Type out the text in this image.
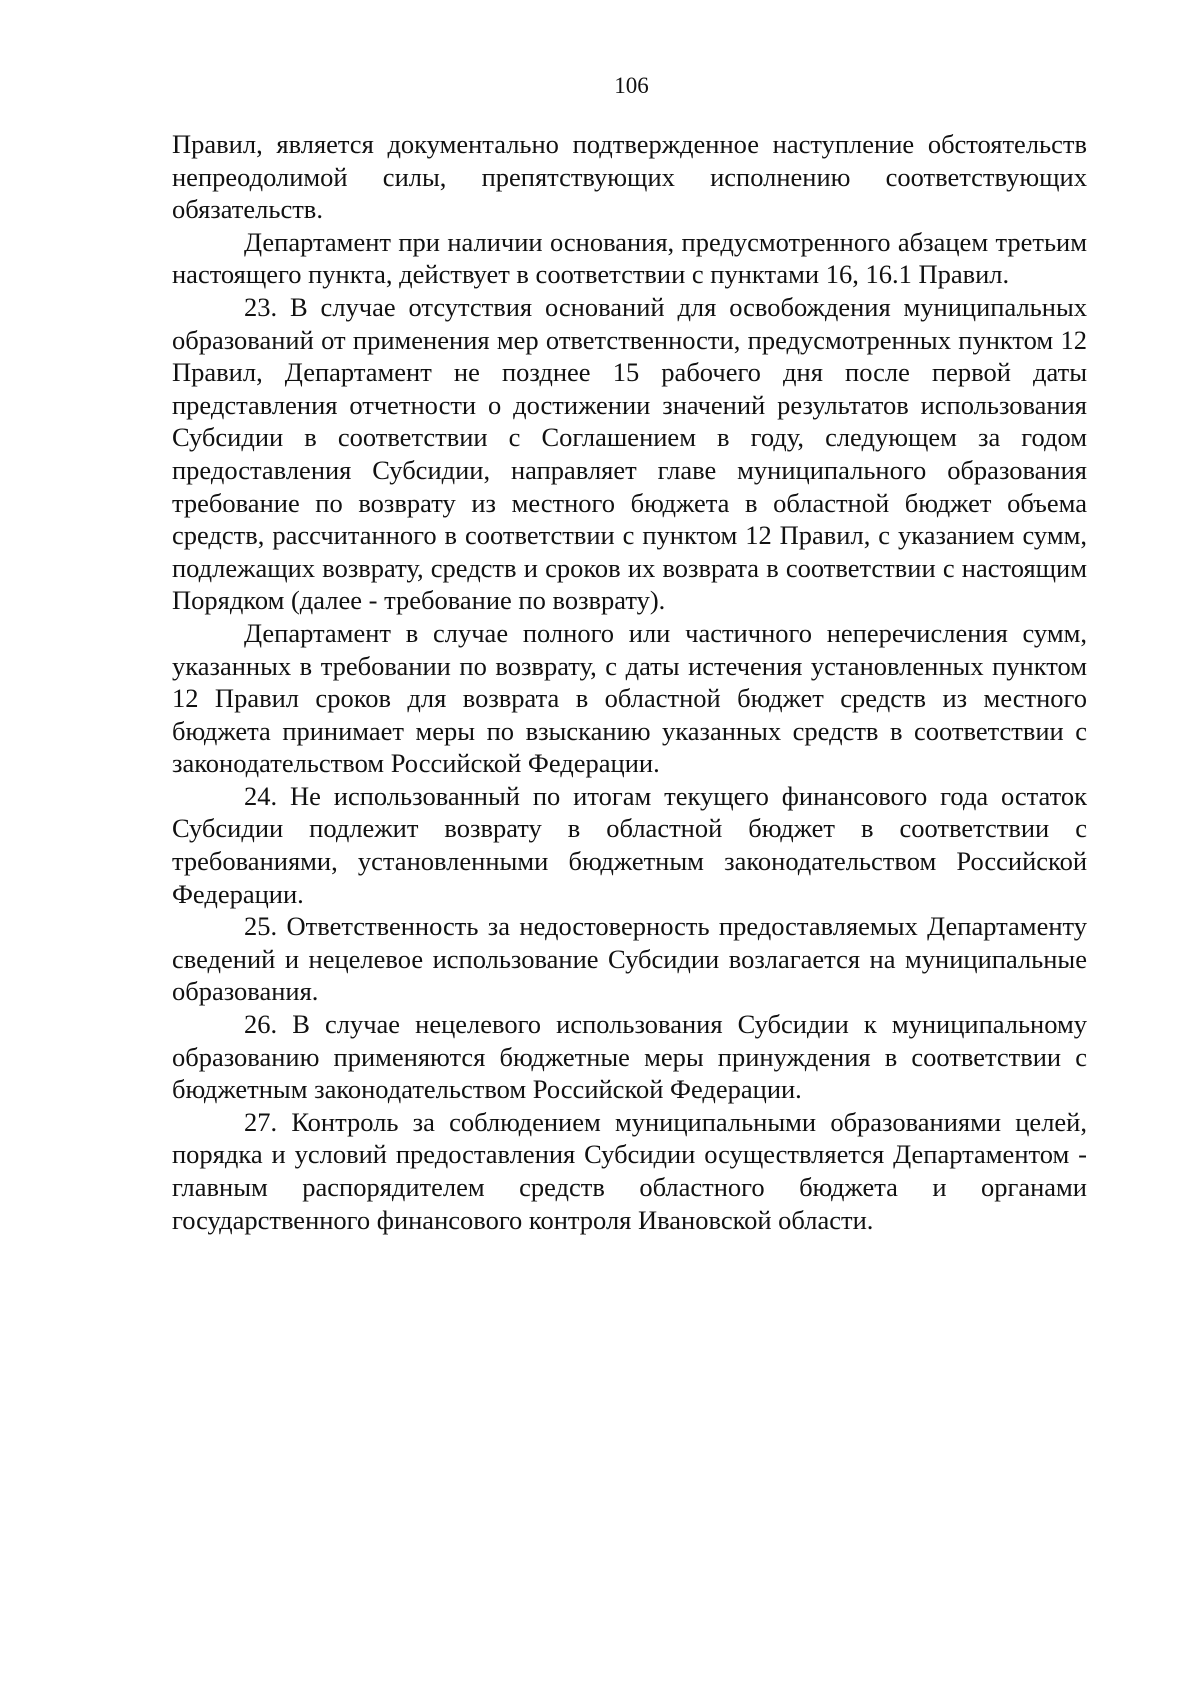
106

Правил, является документально подтвержденное наступление обстоятельств непреодолимой силы, препятствующих исполнению соответствующих обязательств.

Департамент при наличии основания, предусмотренного абзацем третьим настоящего пункта, действует в соответствии с пунктами 16, 16.1 Правил.

23. В случае отсутствия оснований для освобождения муниципальных образований от применения мер ответственности, предусмотренных пунктом 12 Правил, Департамент не позднее 15 рабочего дня после первой даты представления отчетности о достижении значений результатов использования Субсидии в соответствии с Соглашением в году, следующем за годом предоставления Субсидии, направляет главе муниципального образования требование по возврату из местного бюджета в областной бюджет объема средств, рассчитанного в соответствии с пунктом 12 Правил, с указанием сумм, подлежащих возврату, средств и сроков их возврата в соответствии с настоящим Порядком (далее - требование по возврату).

Департамент в случае полного или частичного неперечисления сумм, указанных в требовании по возврату, с даты истечения установленных пунктом 12 Правил сроков для возврата в областной бюджет средств из местного бюджета принимает меры по взысканию указанных средств в соответствии с законодательством Российской Федерации.

24. Не использованный по итогам текущего финансового года остаток Субсидии подлежит возврату в областной бюджет в соответствии с требованиями, установленными бюджетным законодательством Российской Федерации.

25. Ответственность за недостоверность предоставляемых Департаменту сведений и нецелевое использование Субсидии возлагается на муниципальные образования.

26. В случае нецелевого использования Субсидии к муниципальному образованию применяются бюджетные меры принуждения в соответствии с бюджетным законодательством Российской Федерации.

27. Контроль за соблюдением муниципальными образованиями целей, порядка и условий предоставления Субсидии осуществляется Департаментом - главным распорядителем средств областного бюджета и органами государственного финансового контроля Ивановской области.
